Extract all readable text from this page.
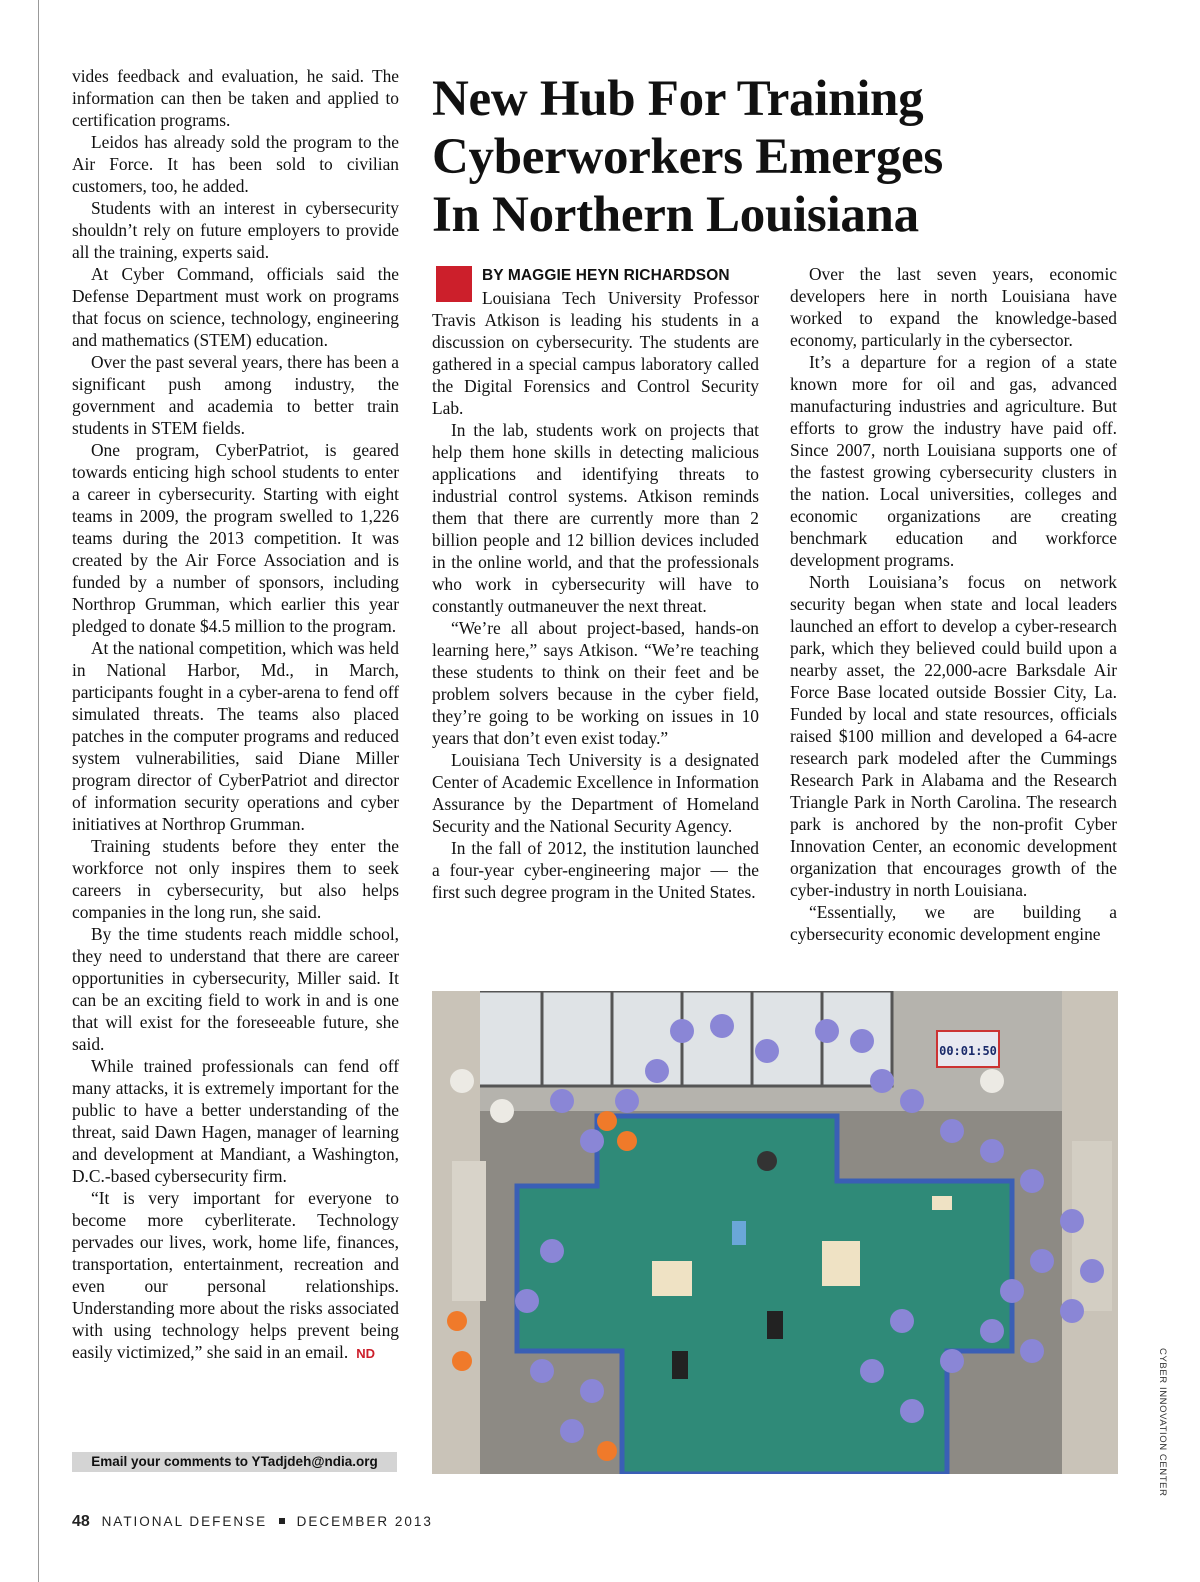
vides feedback and evaluation, he said. The information can then be taken and applied to certification programs.

Leidos has already sold the program to the Air Force. It has been sold to civilian customers, too, he added.

Students with an interest in cybersecurity shouldn’t rely on future employers to provide all the training, experts said.

At Cyber Command, officials said the Defense Department must work on programs that focus on science, technology, engineering and mathematics (STEM) education.

Over the past several years, there has been a significant push among industry, the government and academia to better train students in STEM fields.

One program, CyberPatriot, is geared towards enticing high school students to enter a career in cybersecurity. Starting with eight teams in 2009, the program swelled to 1,226 teams during the 2013 competition. It was created by the Air Force Association and is funded by a number of sponsors, including Northrop Grumman, which earlier this year pledged to donate $4.5 million to the program.

At the national competition, which was held in National Harbor, Md., in March, participants fought in a cyber-arena to fend off simulated threats. The teams also placed patches in the computer programs and reduced system vulnerabilities, said Diane Miller program director of CyberPatriot and director of information security operations and cyber initiatives at Northrop Grumman.

Training students before they enter the workforce not only inspires them to seek careers in cybersecurity, but also helps companies in the long run, she said.

By the time students reach middle school, they need to understand that there are career opportunities in cybersecurity, Miller said. It can be an exciting field to work in and is one that will exist for the foreseeable future, she said.

While trained professionals can fend off many attacks, it is extremely important for the public to have a better understanding of the threat, said Dawn Hagen, manager of learning and development at Mandiant, a Washington, D.C.-based cybersecurity firm.

“It is very important for everyone to become more cyberliterate. Technology pervades our lives, work, home life, finances, transportation, entertainment, recreation and even our personal relationships. Understanding more about the risks associated with using technology helps prevent being easily victimized,” she said in an email. ND

Email your comments to YTadjdeh@ndia.org
New Hub For Training
Cyberworkers Emerges
In Northern Louisiana

BY MAGGIE HEYN RICHARDSON

Louisiana Tech University Professor Travis Atkison is leading his students in a discussion on cybersecurity. The students are gathered in a special campus laboratory called the Digital Forensics and Control Security Lab.

In the lab, students work on projects that help them hone skills in detecting malicious applications and identifying threats to industrial control systems. Atkison reminds them that there are currently more than 2 billion people and 12 billion devices included in the online world, and that the professionals who work in cybersecurity will have to constantly outmaneuver the next threat.

“We’re all about project-based, hands-on learning here,” says Atkison. “We’re teaching these students to think on their feet and be problem solvers because in the cyber field, they’re going to be working on issues in 10 years that don’t even exist today.”

Louisiana Tech University is a designated Center of Academic Excellence in Information Assurance by the Department of Homeland Security and the National Security Agency.

In the fall of 2012, the institution launched a four-year cyber-engineering major — the first such degree program in the United States.

Over the last seven years, economic developers here in north Louisiana have worked to expand the knowledge-based economy, particularly in the cybersector.

It’s a departure for a region of a state known more for oil and gas, advanced manufacturing industries and agriculture. But efforts to grow the industry have paid off. Since 2007, north Louisiana supports one of the fastest growing cybersecurity clusters in the nation. Local universities, colleges and economic organizations are creating benchmark education and workforce development programs.

North Louisiana’s focus on network security began when state and local leaders launched an effort to develop a cyber-research park, which they believed could build upon a nearby asset, the 22,000-acre Barksdale Air Force Base located outside Bossier City, La. Funded by local and state resources, officials raised $100 million and developed a 64-acre research park modeled after the Cummings Research Park in Alabama and the Research Triangle Park in North Carolina. The research park is anchored by the non-profit Cyber Innovation Center, an economic development organization that encourages growth of the cyber-industry in north Louisiana.

“Essentially, we are building a cybersecurity economic development engine

00:01:50
CYBER INNOVATION CENTER
48 NATIONAL DEFENSE DECEMBER 2013
